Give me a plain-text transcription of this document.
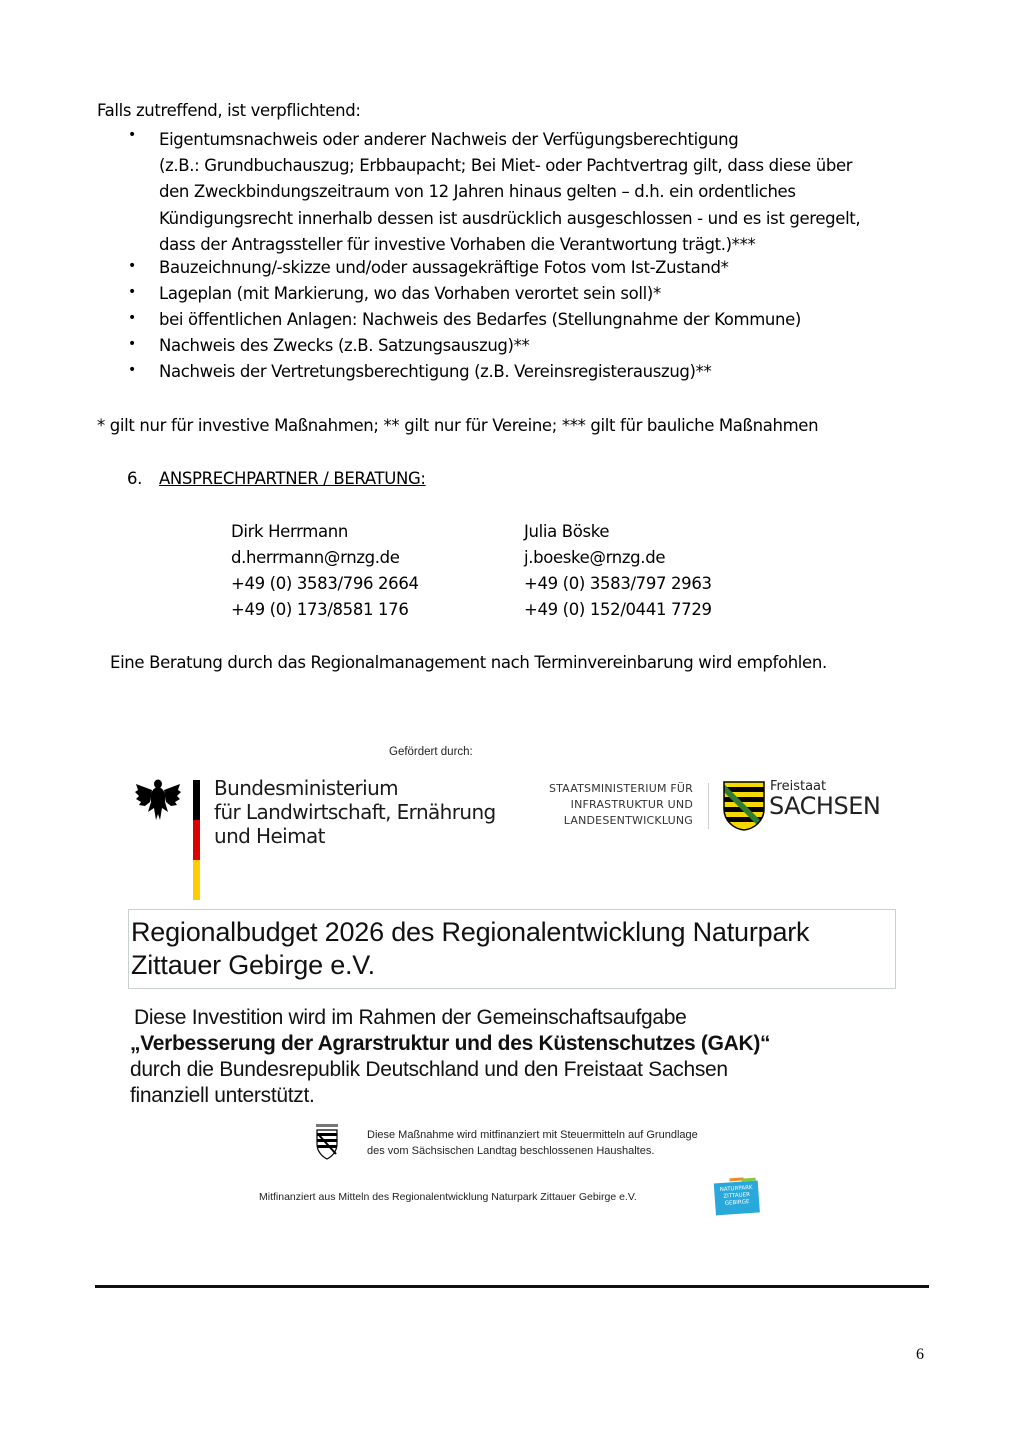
Falls zutreffend, ist verpflichtend:
• Eigentumsnachweis oder anderer Nachweis der Verfügungsberechtigung
(z.B.: Grundbuchauszug; Erbbaupacht; Bei Miet- oder Pachtvertrag gilt, dass diese über
den Zweckbindungszeitraum von 12 Jahren hinaus gelten – d.h. ein ordentliches
Kündigungsrecht innerhalb dessen ist ausdrücklich ausgeschlossen - und es ist geregelt,
dass der Antragssteller für investive Vorhaben die Verantwortung trägt.)***
• Bauzeichnung/-skizze und/oder aussagekräftige Fotos vom Ist-Zustand*
• Lageplan (mit Markierung, wo das Vorhaben verortet sein soll)*
• bei öffentlichen Anlagen: Nachweis des Bedarfes (Stellungnahme der Kommune)
• Nachweis des Zwecks (z.B. Satzungsauszug)**
• Nachweis der Vertretungsberechtigung (z.B. Vereinsregisterauszug)**
* gilt nur für investive Maßnahmen; ** gilt nur für Vereine; *** gilt für bauliche Maßnahmen
6. ANSPRECHPARTNER / BERATUNG:
Dirk Herrmann
d.herrmann@rnzg.de
+49 (0) 3583/796 2664
+49 (0) 173/8581 176
Julia Böske
j.boeske@rnzg.de
+49 (0) 3583/797 2963
+49 (0) 152/0441 7729
Eine Beratung durch das Regionalmanagement nach Terminvereinbarung wird empfohlen.
Gefördert durch:
Bundesministerium
für Landwirtschaft, Ernährung
und Heimat
STAATSMINISTERIUM FÜR
INFRASTRUKTUR UND
LANDESENTWICKLUNG
Freistaat
SACHSEN
Regionalbudget 2026 des Regionalentwicklung Naturpark
Zittauer Gebirge e.V.
Diese Investition wird im Rahmen der Gemeinschaftsaufgabe
„Verbesserung der Agrarstruktur und des Küstenschutzes (GAK)“
durch die Bundesrepublik Deutschland und den Freistaat Sachsen
finanziell unterstützt.
Diese Maßnahme wird mitfinanziert mit Steuermitteln auf Grundlage
des vom Sächsischen Landtag beschlossenen Haushaltes.
Mitfinanziert aus Mitteln des Regionalentwicklung Naturpark Zittauer Gebirge e.V.
NATURPARK
ZITTAUER
GEBIRGE
6
